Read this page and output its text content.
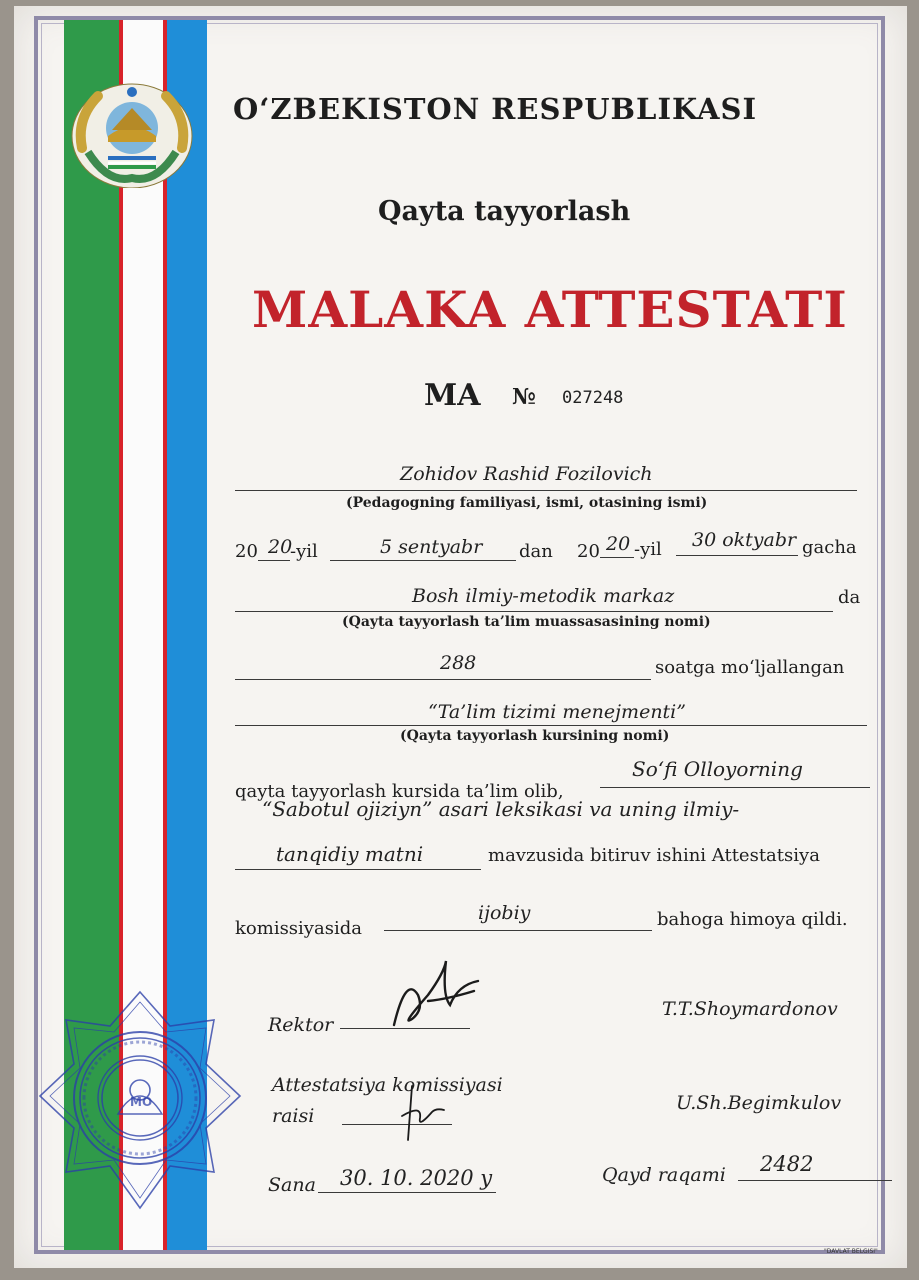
O‘ZBEKISTON RESPUBLIKASI
Qayta tayyorlash
MALAKA ATTESTATI
MA № 027248
Zohidov Rashid Fozilovich
(Pedagogning familiyasi, ismi, otasining ismi)
20 20
-yil	5 sentyabr dan 20 20 -yil 30 oktyabr gacha
Bosh ilmiy-metodik markaz	da
(Qayta tayyorlash ta’lim muassasasining nomi)
288	soatga mo‘ljallangan
“Ta’lim tizimi menejmenti”
(Qayta tayyorlash kursining nomi)
qayta tayyorlash kursida ta’lim olib,
So‘fi Olloyorning
“Sabotul ojiziyn” asari leksikasi va uning ilmiy-
tanqidiy matni	mavzusida bitiruv ishini Attestatsiya
komissiyasida
ijobiy	bahoga himoya qildi.
Rektor
T.T.Shoymardonov
Attestatsiya komissiyasi
raisi
U.Sh.Begimkulov
Sana 30. 10. 2020 y	Qayd raqami 2482
MO
"DAVLAT BELGISI"
